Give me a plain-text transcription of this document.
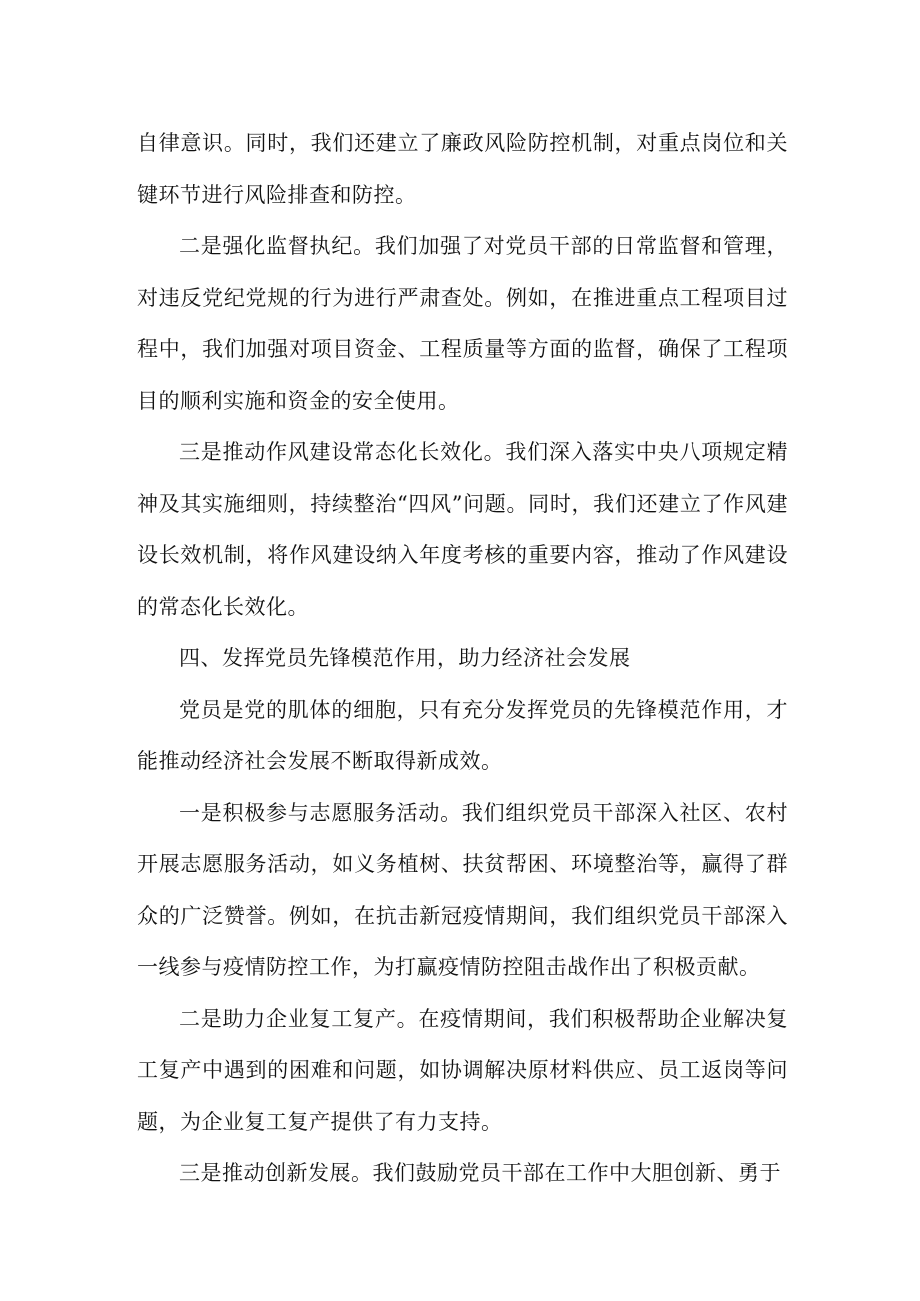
自律意识。同时，我们还建立了廉政风险防控机制，对重点岗位和关键环节进行风险排查和防控。

二是强化监督执纪。我们加强了对党员干部的日常监督和管理，对违反党纪党规的行为进行严肃查处。例如，在推进重点工程项目过程中，我们加强对项目资金、工程质量等方面的监督，确保了工程项目的顺利实施和资金的安全使用。

三是推动作风建设常态化长效化。我们深入落实中央八项规定精神及其实施细则，持续整治“四风”问题。同时，我们还建立了作风建设长效机制，将作风建设纳入年度考核的重要内容，推动了作风建设的常态化长效化。

四、发挥党员先锋模范作用，助力经济社会发展

党员是党的肌体的细胞，只有充分发挥党员的先锋模范作用，才能推动经济社会发展不断取得新成效。

一是积极参与志愿服务活动。我们组织党员干部深入社区、农村开展志愿服务活动，如义务植树、扶贫帮困、环境整治等，赢得了群众的广泛赞誉。例如，在抗击新冠疫情期间，我们组织党员干部深入一线参与疫情防控工作，为打赢疫情防控阻击战作出了积极贡献。

二是助力企业复工复产。在疫情期间，我们积极帮助企业解决复工复产中遇到的困难和问题，如协调解决原材料供应、员工返岗等问题，为企业复工复产提供了有力支持。

三是推动创新发展。我们鼓励党员干部在工作中大胆创新、勇于
